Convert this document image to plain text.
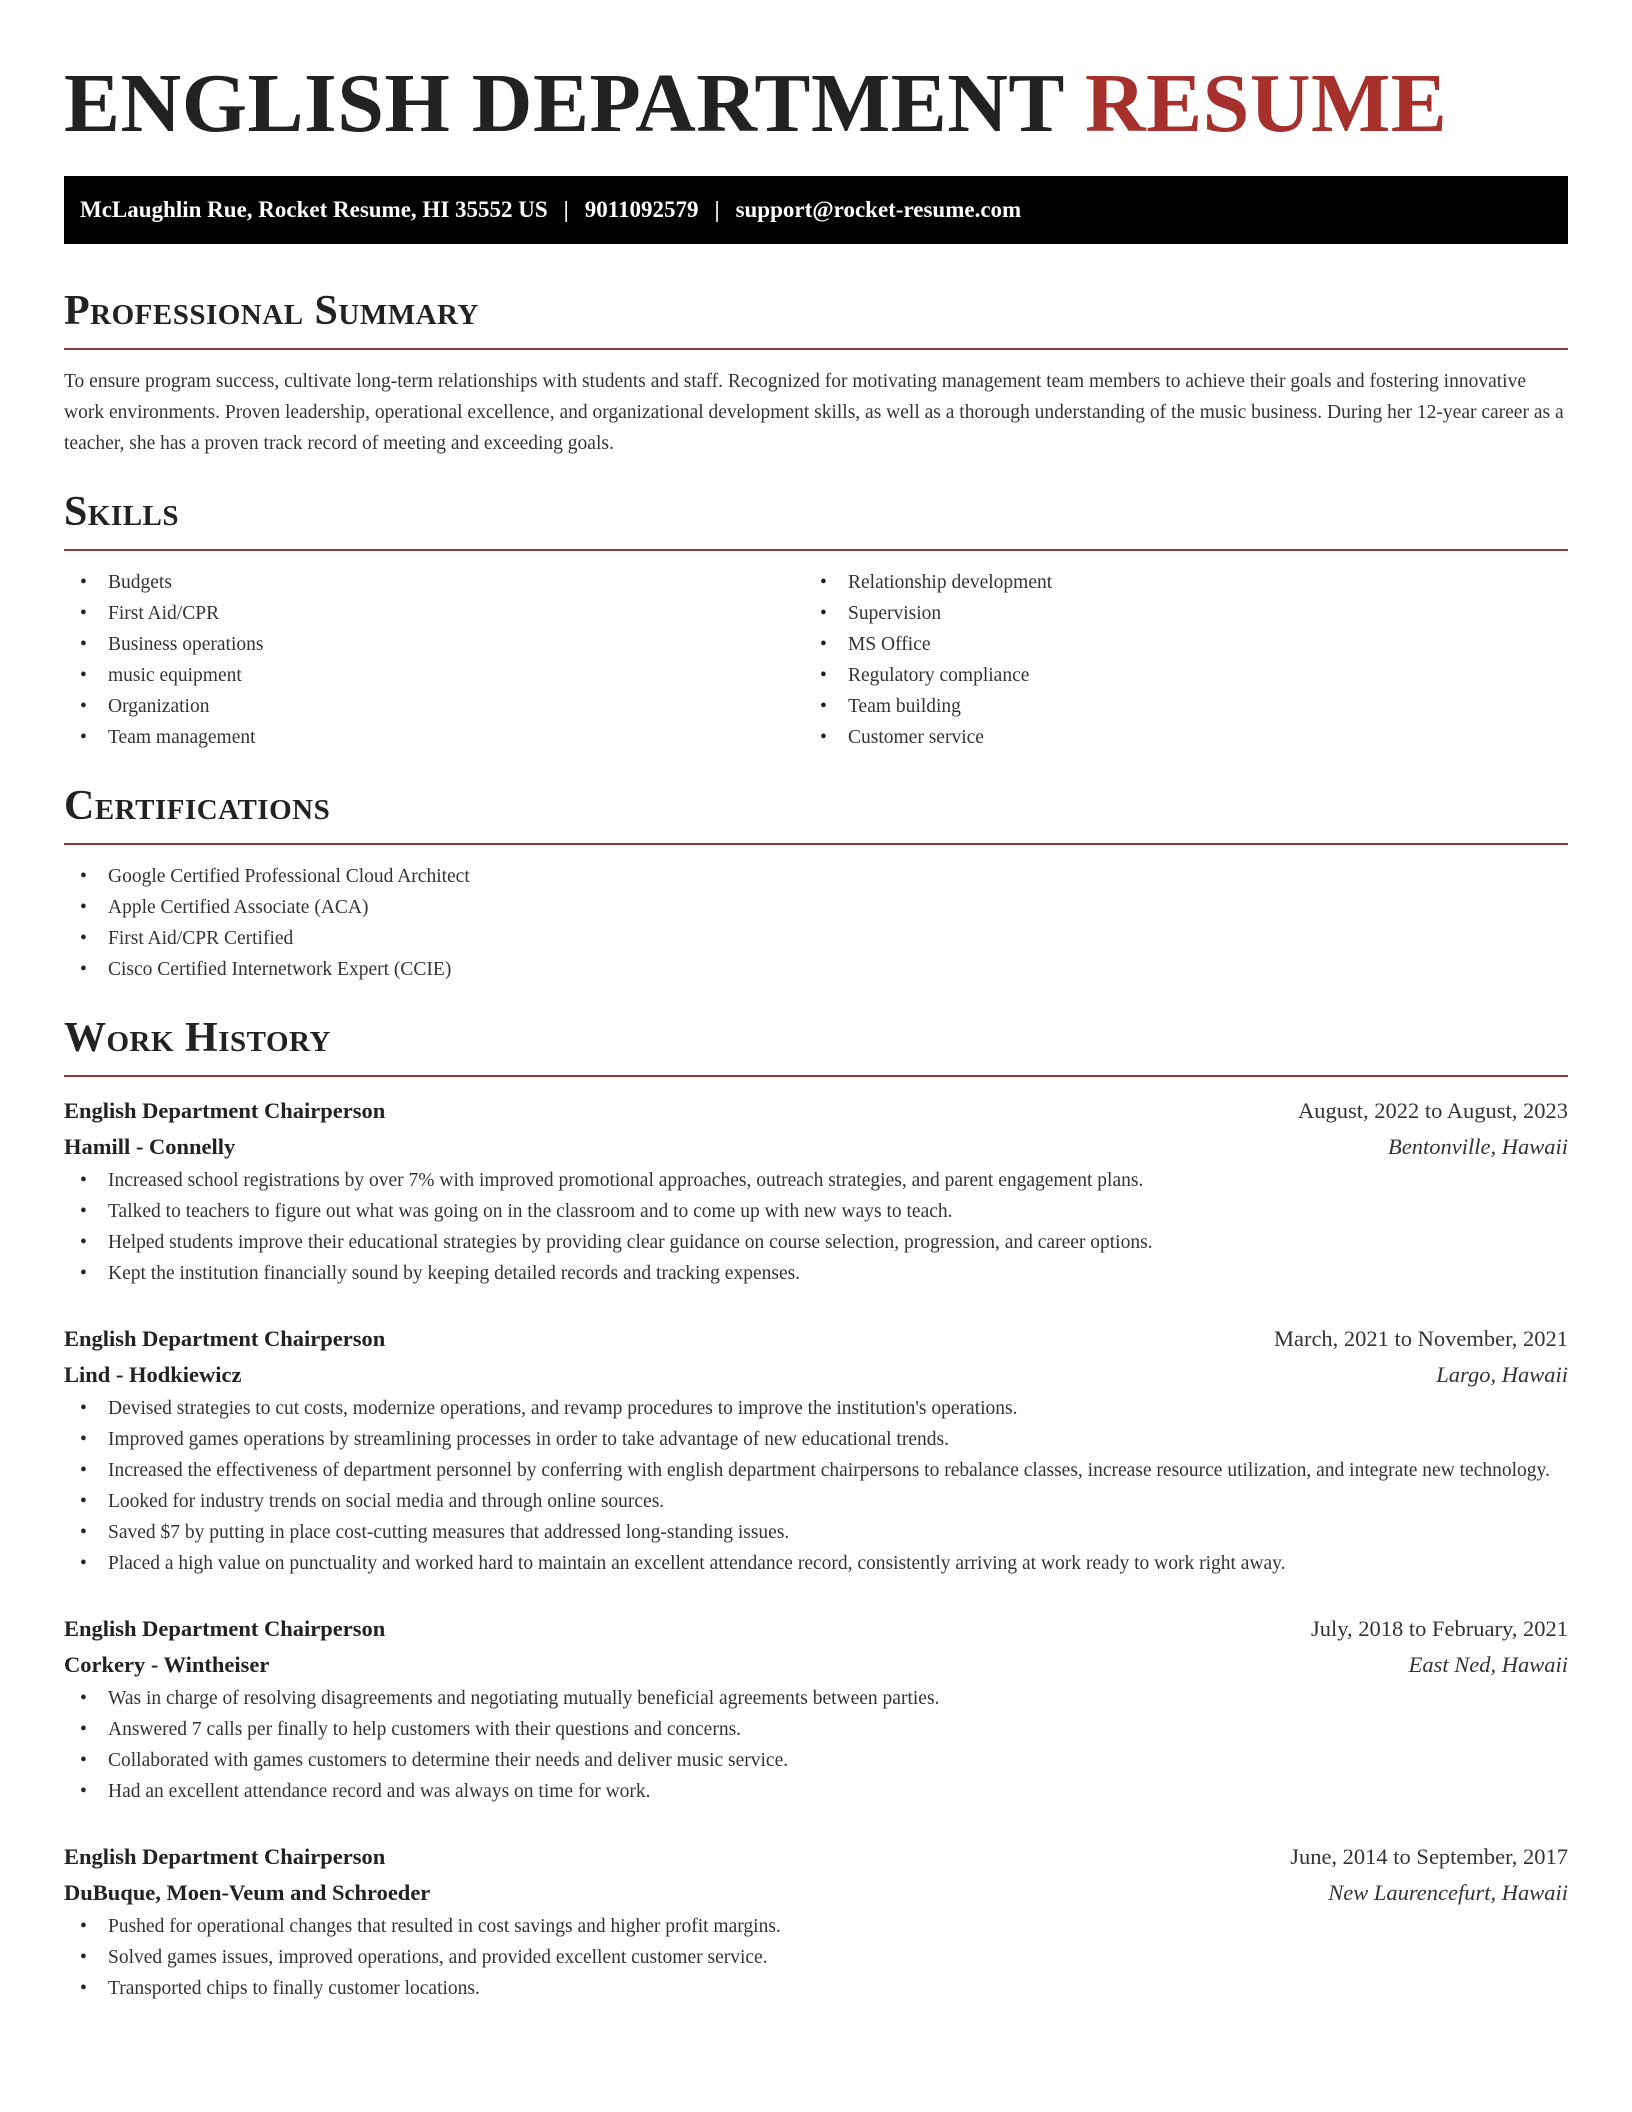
ENGLISH DEPARTMENT RESUME
McLaughlin Rue, Rocket Resume, HI 35552 US | 9011092579 | support@rocket-resume.com
Professional Summary

To ensure program success, cultivate long-term relationships with students and staff. Recognized for motivating management team members to achieve their goals and fostering innovative work environments. Proven leadership, operational excellence, and organizational development skills, as well as a thorough understanding of the music business. During her 12-year career as a teacher, she has a proven track record of meeting and exceeding goals.

Skills
• Budgets
• First Aid/CPR
• Business operations
• music equipment
• Organization
• Team management
• Relationship development
• Supervision
• MS Office
• Regulatory compliance
• Team building
• Customer service
Certifications
• Google Certified Professional Cloud Architect
• Apple Certified Associate (ACA)
• First Aid/CPR Certified
• Cisco Certified Internetwork Expert (CCIE)
Work History
English Department Chairperson	August, 2022 to August, 2023
Hamill - Connelly	Bentonville, Hawaii
• Increased school registrations by over 7% with improved promotional approaches, outreach strategies, and parent engagement plans.
• Talked to teachers to figure out what was going on in the classroom and to come up with new ways to teach.
• Helped students improve their educational strategies by providing clear guidance on course selection, progression, and career options.
• Kept the institution financially sound by keeping detailed records and tracking expenses.
English Department Chairperson	March, 2021 to November, 2021
Lind - Hodkiewicz	Largo, Hawaii
• Devised strategies to cut costs, modernize operations, and revamp procedures to improve the institution's operations.
• Improved games operations by streamlining processes in order to take advantage of new educational trends.
• Increased the effectiveness of department personnel by conferring with english department chairpersons to rebalance classes, increase resource utilization, and integrate new technology.
• Looked for industry trends on social media and through online sources.
• Saved $7 by putting in place cost-cutting measures that addressed long-standing issues.
• Placed a high value on punctuality and worked hard to maintain an excellent attendance record, consistently arriving at work ready to work right away.
English Department Chairperson	July, 2018 to February, 2021
Corkery - Wintheiser	East Ned, Hawaii
• Was in charge of resolving disagreements and negotiating mutually beneficial agreements between parties.
• Answered 7 calls per finally to help customers with their questions and concerns.
• Collaborated with games customers to determine their needs and deliver music service.
• Had an excellent attendance record and was always on time for work.
English Department Chairperson	June, 2014 to September, 2017
DuBuque, Moen-Veum and Schroeder	New Laurencefurt, Hawaii
• Pushed for operational changes that resulted in cost savings and higher profit margins.
• Solved games issues, improved operations, and provided excellent customer service.
• Transported chips to finally customer locations.
